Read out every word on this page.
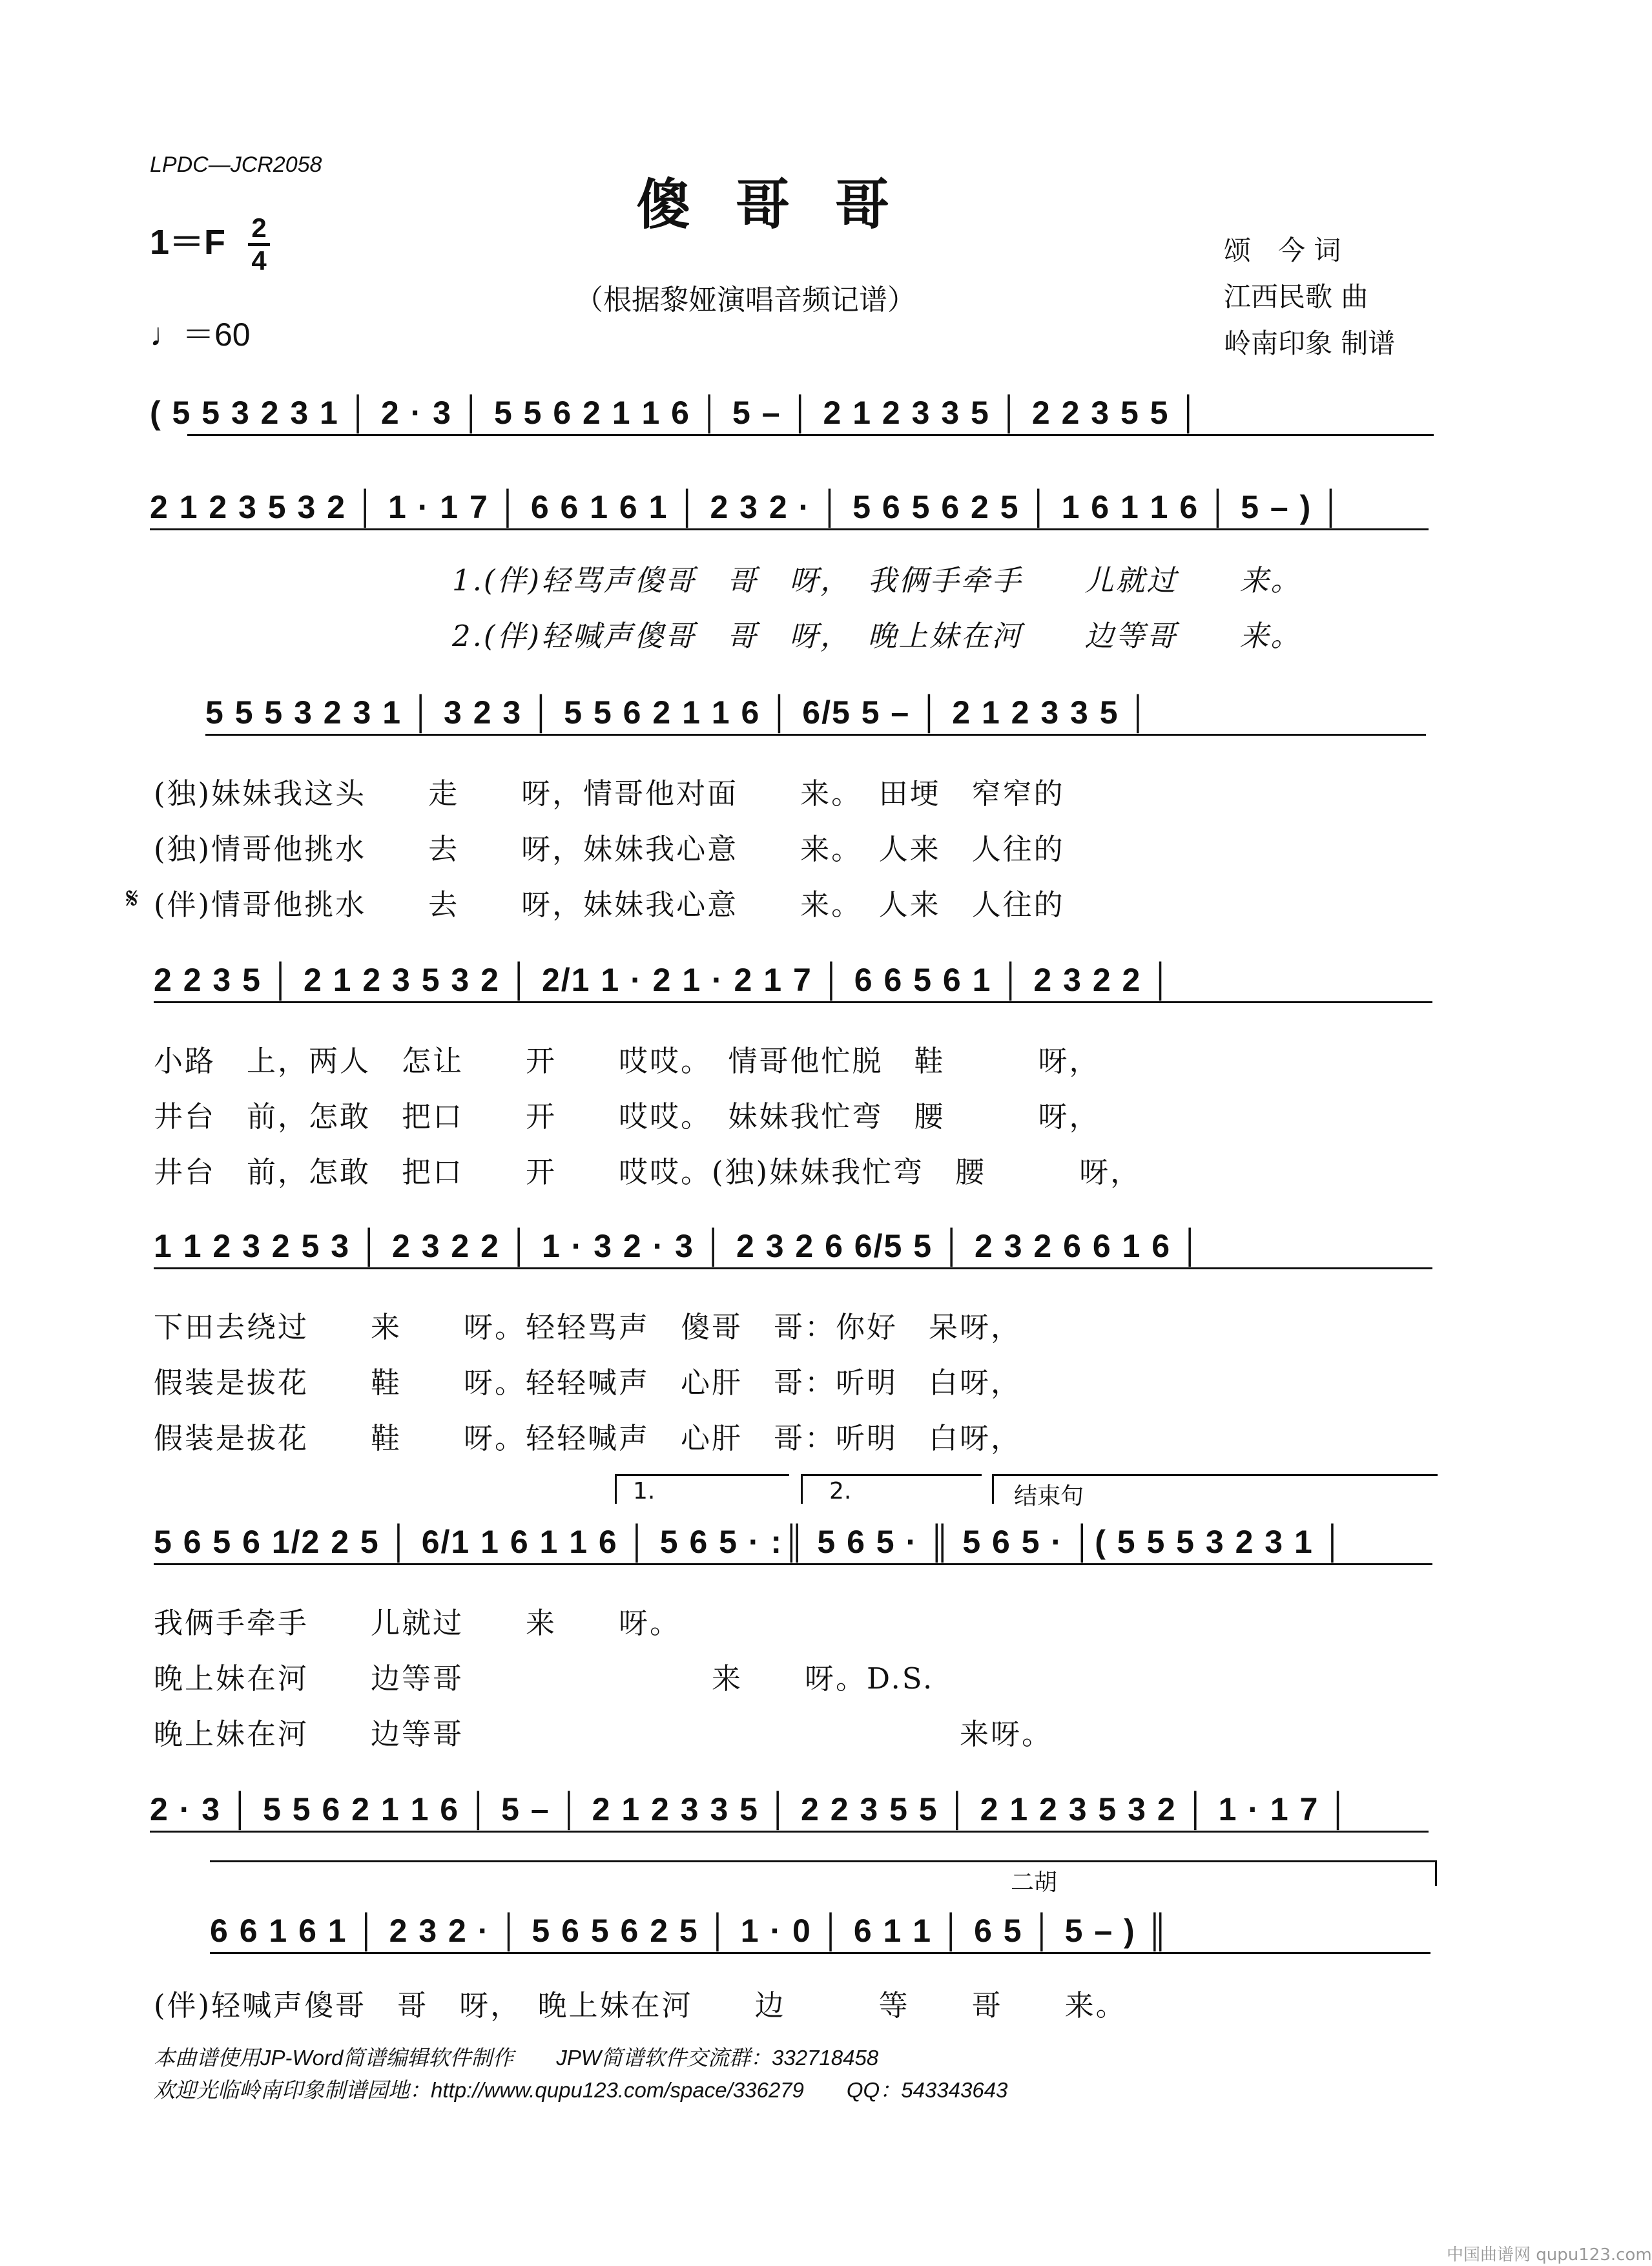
LPDC—JCR2058
傻哥哥
1＝F 2
4
♩＝60
（根据黎娅演唱音频记谱）
颂　今 词
江西民歌 曲
岭南印象 制谱
( 5 5 3 2 3 1 │ 2 · 3 │ 5 5 6 2 1 1 6 │ 5 – │ 2 1 2 3 3 5 │ 2 2 3 5 5 │
2 1 2 3 5 3 2 │ 1 · 1 7 │ 6 6 1 6 1 │ 2 3 2 · │ 5 6 5 6 2 5 │ 1 6 1 1 6 │ 5 – ) │
1.(伴)轻骂声傻哥　哥　呀，　我俩手牵手　　儿就过　　来。
2.(伴)轻喊声傻哥　哥　呀，　晚上妹在河　　边等哥　　来。
5 5 5 3 2 3 1 │ 3 2 3 │ 5 5 6 2 1 1 6 │ 6/5 5 – │ 2 1 2 3 3 5 │
(独)妹妹我这头　　走　　呀，情哥他对面　　来。　田埂　窄窄的
(独)情哥他挑水　　去　　呀，妹妹我心意　　来。　人来　人往的
𝄋 (伴)情哥他挑水　　去　　呀，妹妹我心意　　来。　人来　人往的
2 2 3 5 │ 2 1 2 3 5 3 2 │ 2/1 1 · 2 1 · 2 1 7 │ 6 6 5 6 1 │ 2 3 2 2 │
小路　上，两人　怎让　　开　　哎哎。　情哥他忙脱　鞋　　　呀，
井台　前，怎敢　把口　　开　　哎哎。　妹妹我忙弯　腰　　　呀，
井台　前，怎敢　把口　　开　　哎哎。(独)妹妹我忙弯　腰　　　呀，
1 1 2 3 2 5 3 │ 2 3 2 2 │ 1 · 3 2 · 3 │ 2 3 2 6 6/5 5 │ 2 3 2 6 6 1 6 │
下田去绕过　　来　　呀。轻轻骂声　傻哥　哥：你好　呆呀，
假装是拔花　　鞋　　呀。轻轻喊声　心肝　哥：听明　白呀，
假装是拔花　　鞋　　呀。轻轻喊声　心肝　哥：听明　白呀，
1.	2.	结束句
5 6 5 6 1/2 2 5 │ 6/1 1 6 1 1 6 │ 5 6 5 · :║ 5 6 5 · ║ 5 6 5 · │( 5 5 5 3 2 3 1 │
我俩手牵手　　儿就过　　来　　呀。
晚上妹在河　　边等哥　　　　　　　　来　　呀。D.S.
晚上妹在河　　边等哥　　　　　　　　　　　　　　　　来呀。
2 · 3 │ 5 5 6 2 1 1 6 │ 5 – │ 2 1 2 3 3 5 │ 2 2 3 5 5 │ 2 1 2 3 5 3 2 │ 1 · 1 7 │
二胡
6 6 1 6 1 │ 2 3 2 · │ 5 6 5 6 2 5 │ 1 · 0 │ 6 1 1 │ 6 5 │ 5 – ) ║
(伴)轻喊声傻哥　哥　呀，　晚上妹在河　　边　　　等　　哥　　来。
本曲谱使用JP-Word简谱编辑软件制作　　JPW简谱软件交流群：332718458
欢迎光临岭南印象制谱园地：http://www.qupu123.com/space/336279　　QQ：543343643
中国曲谱网 qupu123.com
